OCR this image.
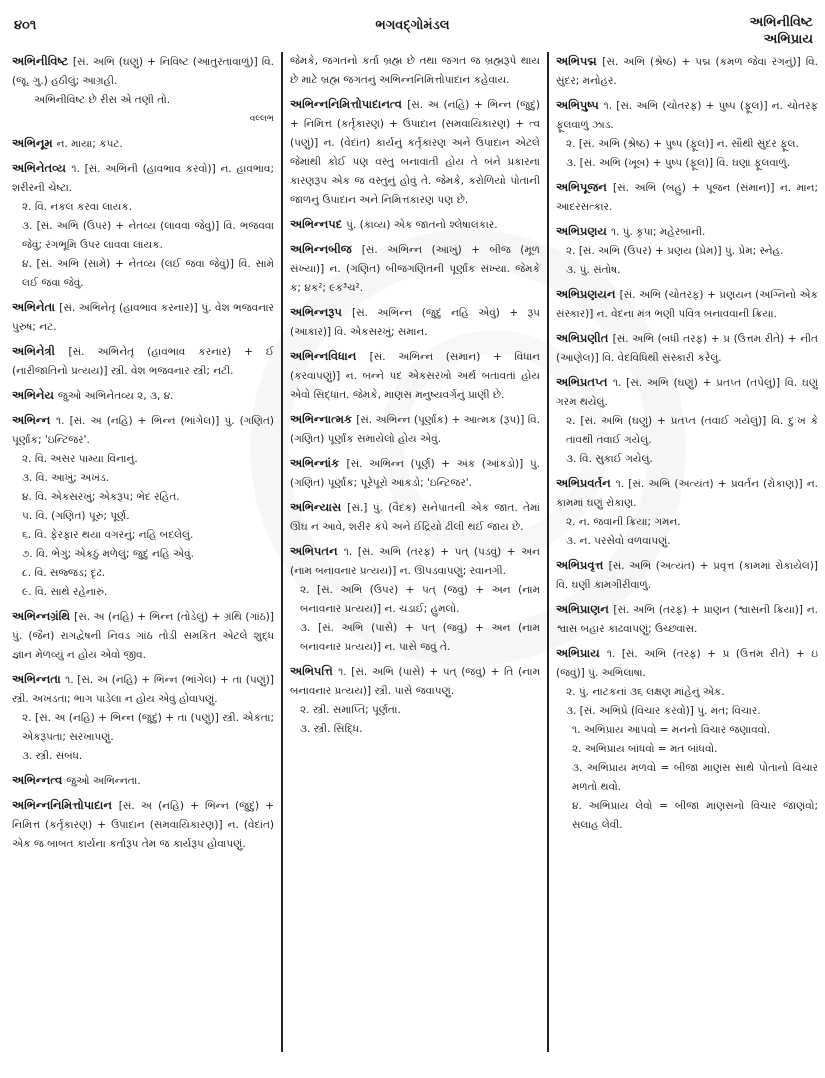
૪૦૧	ભગવદ્ગોમંડલ	અભિનીવિષ્ટ
અભિપ્રાય
અભિનીવિષ્ટ [સં. અભિ (ઘણું) + નિવિષ્ટ (આતુરતાવાળું)] વિ. (જૂ. ગુ.) હઠીલું; આગ્રહી.
અભિનીવિષ્ટ છે રીસ એ તણી તો.
વલ્લભ
અભિનૂમ ન. માયા; કપટ.
અભિનેતવ્ય ૧. [સં. અભિની (હાવભાવ કરવો)] ન. હાવભાવ; શરીરની ચેષ્ટા.
૨. વિ. નકલ કરવા લાયક.
૩. [સં. અભિ (ઉપર) + નેતવ્ય (લાવવા જેવું)] વિ. ભજવવા જેવું; રંગભૂમિ ઉપર લાવવા લાયક.
૪. [સં. અભિ (સામે) + નેતવ્ય (લઈ જવા જેવું)] વિ. સામે લઈ જવા જેવું.
અભિનેતા [સં. અભિનેતૃ (હાવભાવ કરનાર)] પું. વેશ ભજવનાર પુરુષ; નટ.
અભિનેત્રી [સં. અભિનેતૃ (હાવભાવ કરનાર) + ઈ (નારીજાતિનો પ્રત્યય)] સ્ત્રી. વેશ ભજવનાર સ્ત્રી; નટી.
અભિનેય જુઓ અભિનેતવ્ય ૨, ૩, ૪.
અભિન્ન ૧. [સં. અ (નહિ) + ભિન્ન (ભાંગેલ)] પું. (ગણિત) પૂર્ણાંક; 'ઇન્ટિજર'.
૨. વિ. અસર પામ્યા વિનાનું.
૩. વિ. આખું; અખંડ.
૪. વિ. એકસરખું; એકરૂપ; ભેદ રહિત.
૫. વિ. (ગણિત) પૂરું; પૂર્ણ.
૬. વિ. ફેરફાર થયા વગરનું; નહિ બદલેલું.
૭. વિ. ભેગું; એકઠું મળેલું; જુદું નહિ એવું.
૮. વિ. સજ્જડ; દૃઢ.
૯. વિ. સાથે રહેનારું.
અભિન્નગ્રંથિ [સં. અ (નહિ) + ભિન્ન (તોડેલું) + ગ્રંથિ (ગાંઠ)] પું. (જૈન) રાગદ્વેષની નિવડ ગાંઠ તોડી સમકિત એટલે શુદ્ધ જ્ઞાન મેળવ્યું ન હોય એવો જીવ.
અભિન્નતા ૧. [સં. અ (નહિ) + ભિન્ન (ભાંગેલ) + તા (પણું)] સ્ત્રી. અખંડતા; ભાગ પાડેલા ન હોય એવું હોવાપણું.
૨. [સં. અ (નહિ) + ભિન્ન (જુદું) + તા (પણું)] સ્ત્રી. એકતા; એકરૂપતા; સરખાપણું.
૩. સ્ત્રી. સંબંધ.
અભિન્નત્વ જુઓ અભિન્નતા.
અભિન્નનિમિત્તોપાદાન [સં. અ (નહિ) + ભિન્ન (જુદું) + નિમિત્ત (કર્તૃકારણ) + ઉપાદાન (સમવાયિકારણ)] ન. (વેદાંત) એક જ બાબત કાર્યના કર્તારૂપ તેમ જ કાર્યરૂપ હોવાપણું.
જેમકે, જગતનો કર્તા બ્રહ્મ છે તથા જગત જ બ્રહ્મરૂપે થાય છે માટે બ્રહ્મ જગતનું અભિન્નનિમિત્તોપાદાન કહેવાય.
અભિન્નનિમિત્તોપાદાનત્વ [સં. અ (નહિ) + ભિન્ન (જુદું) + નિમિત્ત (કર્તૃકારણ) + ઉપાદાન (સમવાયિકારણ) + ત્વ (પણું)] ન. (વેદાંત) કાર્યનું કર્તૃકારણ અને ઉપાદાન એટલે જેમાંથી કોઈ પણ વસ્તુ બનાવાતી હોય તે બંને પ્રકારના કારણરૂપ એક જ વસ્તુનું હોવું તે. જેમકે, કરોળિયો પોતાની જાળનું ઉપાદાન અને નિમિત્તકારણ પણ છે.
અભિન્નપદ પું. (કાવ્ય) એક જાતનો શ્લેષાલંકાર.
અભિન્નબીજ [સં. અભિન્ન (આખું) + બીજ (મૂળ સંખ્યા)] ન. (ગણિત) બીજગણિતની પૂર્ણાંક સંખ્યા. જેમકે ક; ૪ક²; ૯ક³ચ².
અભિન્નરૂપ [સં. અભિન્ન (જુદું નહિ એવું) + રૂપ (આકાર)] વિ. એકસરખું; સમાન.
અભિન્નવિધાન [સં. અભિન્ન (સમાન) + વિધાન (કરવાપણું)] ન. બન્ને પદ એકસરખો અર્થ બતાવતાં હોય એવો સિદ્ધાંત. જેમકે, માણસ મનુષ્યવર્ગનું પ્રાણી છે.
અભિન્નાત્મક [સં. અભિન્ન (પૂર્ણાંક) + આત્મક (રૂપ)] વિ. (ગણિત) પૂર્ણાંક સમાયેલો હોય એવું.
અભિન્નાંક [સં. અભિન્ન (પૂર્ણ) + અંક (આંકડો)] પું. (ગણિત) પૂર્ણાંક; પૂરેપૂરો આંકડો; 'ઇન્ટિજર'.
અભિન્યાસ [સં.] પું. (વૈદક) સનેપાતની એક જાત. તેમાં ઊંઘ ન આવે, શરીર કંપે અને ઈંદ્રિયો ઢીલી થઈ જાય છે.
અભિપતન ૧. [સં. અભિ (તરફ) + પત્ (પડવું) + અન (નામ બનાવનાર પ્રત્યય)] ન. ઊપડવાપણું; રવાનગી.
૨. [સં. અભિ (ઉપર) + પત્ (જવું) + અન (નામ બનાવનાર પ્રત્યય)] ન. ચડાઈ; હુમલો.
૩. [સં. અભિ (પાસે) + પત્ (જવું) + અન (નામ બનાવનાર પ્રત્યય)] ન. પાસે જવું તે.
અભિપત્તિ ૧. [સં. અભિ (પાસે) + પત્ (જવું) + તિ (નામ બનાવનાર પ્રત્યય)] સ્ત્રી. પાસે જવાપણું.
૨. સ્ત્રી. સમાપ્તિ; પૂર્ણતા.
૩. સ્ત્રી. સિદ્ધિ.
અભિપદ્મ [સં. અભિ (શ્રેષ્ઠ) + પદ્મ (કમળ જેવા રંગનું)] વિ. સુંદર; મનોહર.
અભિપુષ્પ ૧. [સં. અભિ (ચોતરફ) + પુષ્પ (ફૂલ)] ન. ચોતરફ ફૂલવાળું ઝાડ.
૨. [સં. અભિ (શ્રેષ્ઠ) + પુષ્પ (ફૂલ)] ન. સૌથી સુંદર ફૂલ.
૩. [સં. અભિ (ખૂબ) + પુષ્પ (ફૂલ)] વિ. ઘણાં ફૂલવાળું.
અભિપૂજન [સં. અભિ (બહુ) + પૂજન (સંમાન)] ન. માન; આદરસત્કાર.
અભિપ્રણય ૧. પું. કૃપા; મહેરબાની.
૨. [સં. અભિ (ઉપર) + પ્રણય (પ્રેમ)] પું. પ્રેમ; સ્નેહ.
૩. પું. સંતોષ.
અભિપ્રણયન [સં. અભિ (ચોતરફ) + પ્રણયન (અગ્નિનો એક સંસ્કાર)] ન. વેદના મંત્ર ભણી પવિત્ર બનાવવાની ક્રિયા.
અભિપ્રણીત [સં. અભિ (બધી તરફ) + પ્ર (ઉત્તમ રીતે) + નીત (આણેલ)] વિ. વેદવિધિથી સંસ્કારી કરેલું.
અભિપ્રતપ્ત ૧. [સં. અભિ (ઘણું) + પ્રતપ્ત (તપેલું)] વિ. ઘણું ગરમ થયેલું.
૨. [સં. અભિ (ઘણું) + પ્રતપ્ત (તવાઈ ગયેલું)] વિ. દુઃખ કે તાવથી તવાઈ ગયેલું.
૩. વિ. સુકાઈ ગયેલું.
અભિપ્રવર્તન ૧. [સં. અભિ (અત્યંત) + પ્રવર્તન (રોકાણ)] ન. કામમાં ઘણું રોકાણ.
૨. ન. જવાની ક્રિયા; ગમન.
૩. ન. પરસેવો વળવાપણું.
અભિપ્રવૃત્ત [સં. અભિ (અત્યંત) + પ્રવૃત્ત (કામમાં રોકાયેલ)] વિ. ઘણી કામગીરીવાળું.
અભિપ્રાણન [સં. અભિ (તરફ) + પ્રાણન (શ્વાસની ક્રિયા)] ન. શ્વાસ બહાર કાઢવાપણું; ઉચ્છ્વાસ.
અભિપ્રાય ૧. [સં. અભિ (તરફ) + પ્ર (ઉત્તમ રીતે) + ઇ (જવું)] પું. અભિલાષા.
૨. પું. નાટકનાં ૩૬ લક્ષણ માંહેનું એક.
૩. [સં. અભિપ્રે (વિચાર કરવો)] પું. મત; વિચાર.
૧. અભિપ્રાય આપવો = મનનો વિચાર જણાવવો.
૨. અભિપ્રાય બાંધવો = મત બાંધવો.
૩. અભિપ્રાય મળવો = બીજા માણસ સાથે પોતાનો વિચાર મળતો થવો.
૪. અભિપ્રાય લેવો = બીજા માણસનો વિચાર જાણવો; સલાહ લેવી.
